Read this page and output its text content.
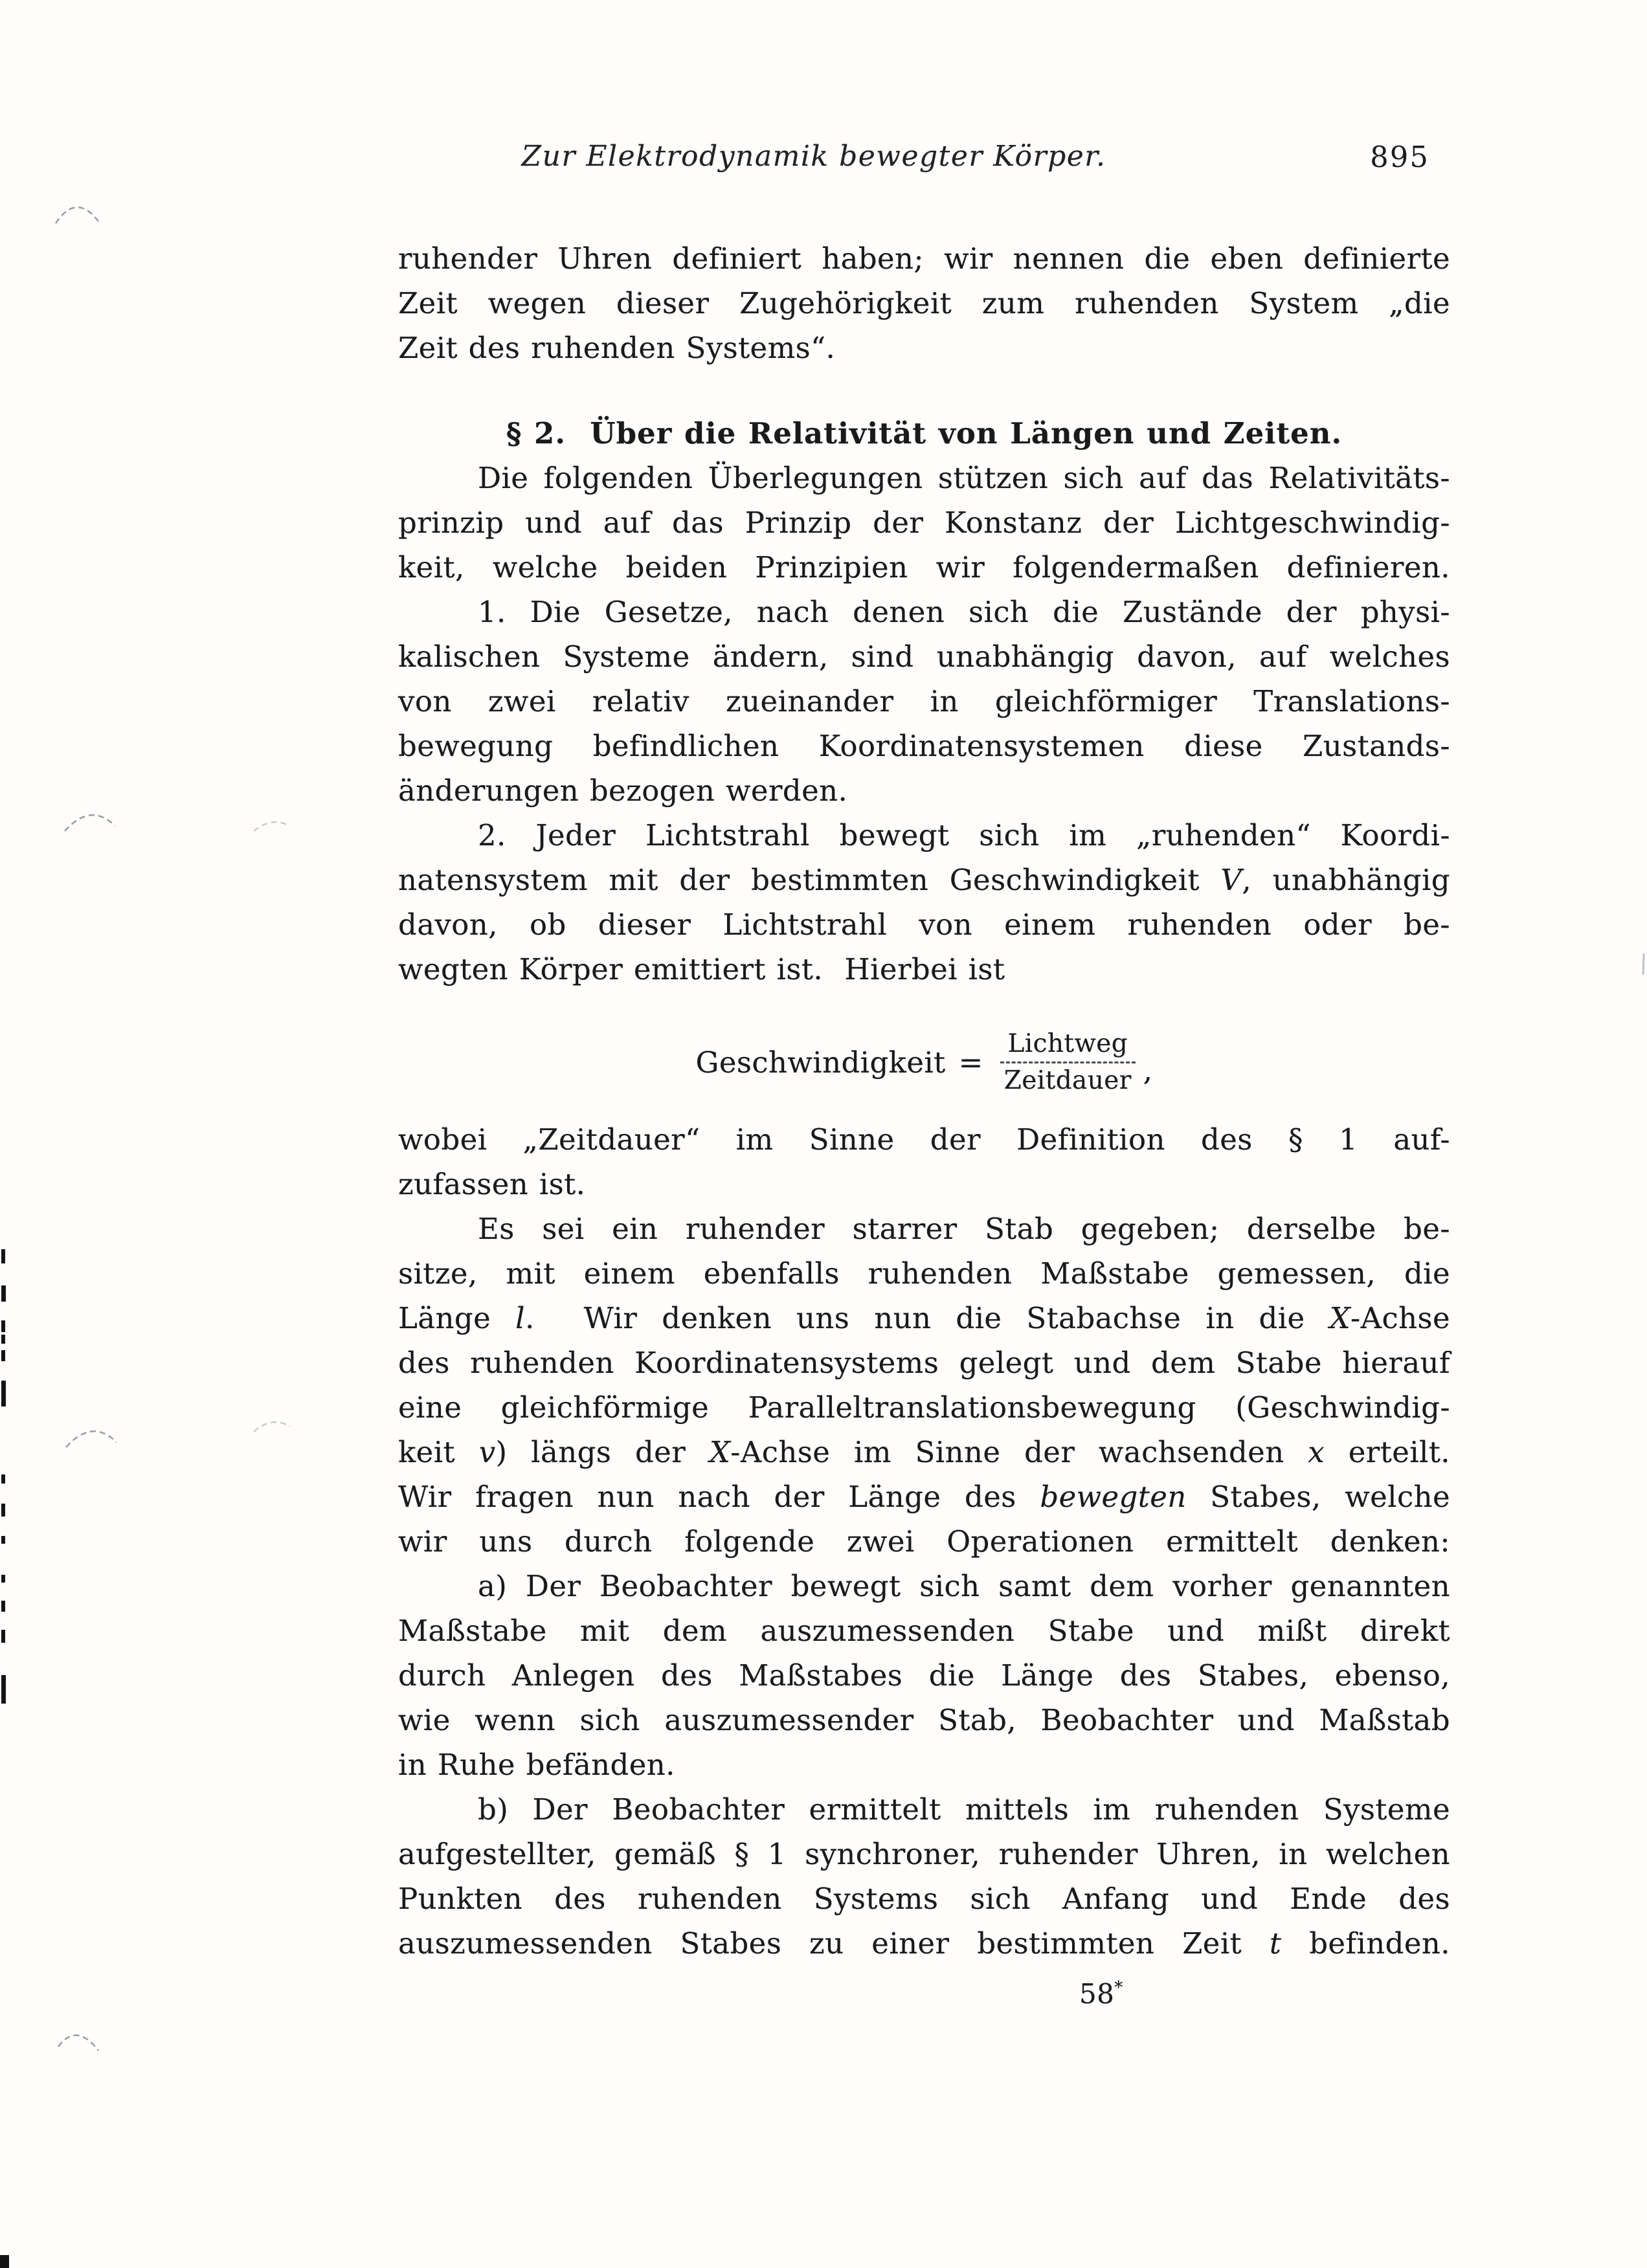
Zur Elektrodynamik bewegter Körper.	895
ruhender Uhren definiert haben; wir nennen die eben definierte
Zeit wegen dieser Zugehörigkeit zum ruhenden System „die
Zeit des ruhenden Systems“.
§ 2.  Über die Relativität von Längen und Zeiten.
Die folgenden Überlegungen stützen sich auf das Relativitäts-
prinzip und auf das Prinzip der Konstanz der Lichtgeschwindig-
keit, welche beiden Prinzipien wir folgendermaßen definieren.
1. Die Gesetze, nach denen sich die Zustände der physi-
kalischen Systeme ändern, sind unabhängig davon, auf welches
von zwei relativ zueinander in gleichförmiger Translations-
bewegung befindlichen Koordinatensystemen diese Zustands-
änderungen bezogen werden.
2. Jeder Lichtstrahl bewegt sich im „ruhenden“ Koordi-
natensystem mit der bestimmten Geschwindigkeit V, unabhängig
davon, ob dieser Lichtstrahl von einem ruhenden oder be-
wegten Körper emittiert ist.  Hierbei ist
Geschwindigkeit = $\frac{\text{Lichtweg}}{\text{Zeitdauer}}$ ,
wobei „Zeitdauer“ im Sinne der Definition des § 1 auf-
zufassen ist.
Es sei ein ruhender starrer Stab gegeben; derselbe be-
sitze, mit einem ebenfalls ruhenden Maßstabe gemessen, die
Länge l.  Wir denken uns nun die Stabachse in die X-Achse
des ruhenden Koordinatensystems gelegt und dem Stabe hierauf
eine gleichförmige Paralleltranslationsbewegung (Geschwindig-
keit v) längs der X-Achse im Sinne der wachsenden x erteilt.
Wir fragen nun nach der Länge des bewegten Stabes, welche
wir uns durch folgende zwei Operationen ermittelt denken:
a) Der Beobachter bewegt sich samt dem vorher genannten
Maßstabe mit dem auszumessenden Stabe und mißt direkt
durch Anlegen des Maßstabes die Länge des Stabes, ebenso,
wie wenn sich auszumessender Stab, Beobachter und Maßstab
in Ruhe befänden.
b) Der Beobachter ermittelt mittels im ruhenden Systeme
aufgestellter, gemäß § 1 synchroner, ruhender Uhren, in welchen
Punkten des ruhenden Systems sich Anfang und Ende des
auszumessenden Stabes zu einer bestimmten Zeit t befinden.
58*
